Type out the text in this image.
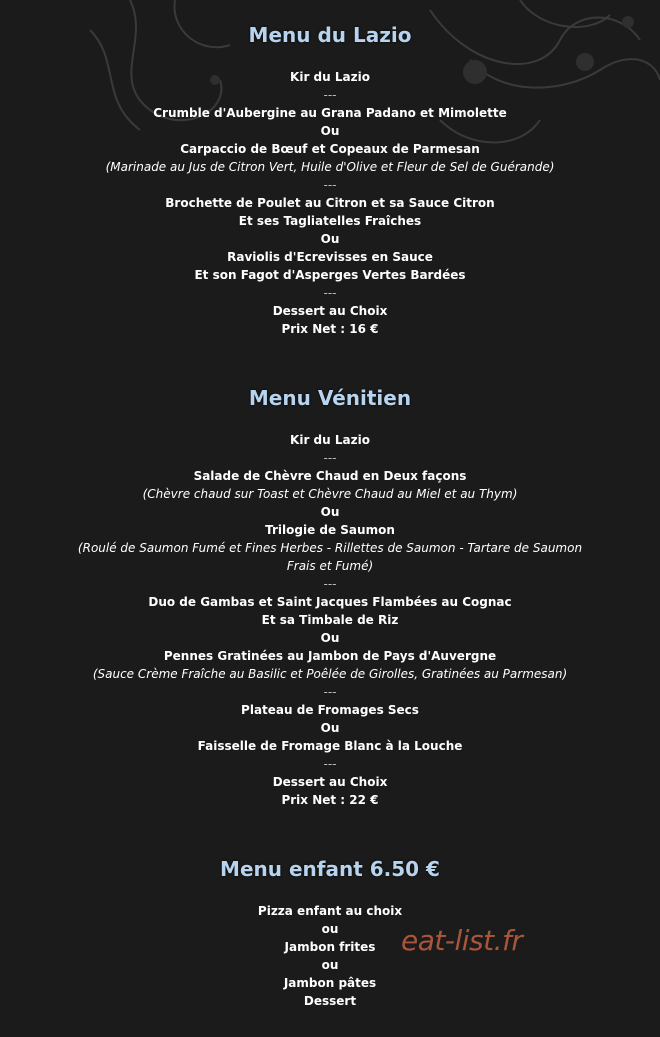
Menu du Lazio
Kir du Lazio
---
Crumble d'Aubergine au Grana Padano et Mimolette
Ou
Carpaccio de Bœuf et Copeaux de Parmesan
(Marinade au Jus de Citron Vert, Huile d'Olive et Fleur de Sel de Guérande)
---
Brochette de Poulet au Citron et sa Sauce Citron
Et ses Tagliatelles Fraîches
Ou
Raviolis d'Ecrevisses en Sauce
Et son Fagot d'Asperges Vertes Bardées
---
Dessert au Choix
Prix Net : 16 €
Menu Vénitien
Kir du Lazio
---
Salade de Chèvre Chaud en Deux façons
(Chèvre chaud sur Toast et Chèvre Chaud au Miel et au Thym)
Ou
Trilogie de Saumon
(Roulé de Saumon Fumé et Fines Herbes - Rillettes de Saumon - Tartare de Saumon Frais et Fumé)
---
Duo de Gambas et Saint Jacques Flambées au Cognac
Et sa Timbale de Riz
Ou
Pennes Gratinées au Jambon de Pays d'Auvergne
(Sauce Crème Fraîche au Basilic et Poêlée de Girolles, Gratinées au Parmesan)
---
Plateau de Fromages Secs
Ou
Faisselle de Fromage Blanc à la Louche
---
Dessert au Choix
Prix Net : 22 €
Menu enfant 6.50 €
Pizza enfant au choix
ou
Jambon frites
ou
Jambon pâtes
Dessert
eat-list.fr
